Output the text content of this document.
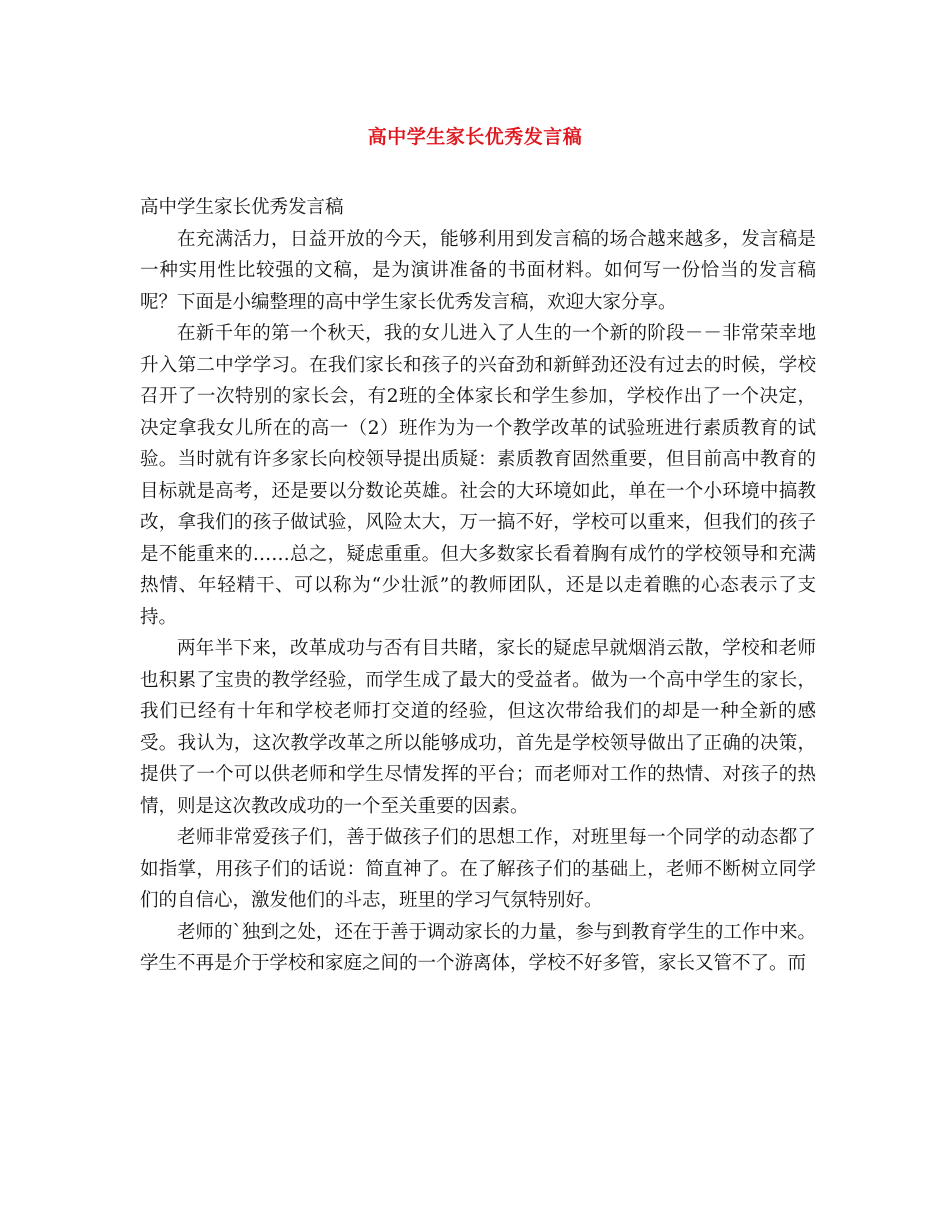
高中学生家长优秀发言稿

高中学生家长优秀发言稿

在充满活力，日益开放的今天，能够利用到发言稿的场合越来越多，发言稿是一种实用性比较强的文稿，是为演讲准备的书面材料。如何写一份恰当的发言稿呢？下面是小编整理的高中学生家长优秀发言稿，欢迎大家分享。

在新千年的第一个秋天，我的女儿进入了人生的一个新的阶段－－非常荣幸地升入第二中学学习。在我们家长和孩子的兴奋劲和新鲜劲还没有过去的时候，学校召开了一次特别的家长会，有2班的全体家长和学生参加，学校作出了一个决定，决定拿我女儿所在的高一（2）班作为为一个教学改革的试验班进行素质教育的试验。当时就有许多家长向校领导提出质疑：素质教育固然重要，但目前高中教育的目标就是高考，还是要以分数论英雄。社会的大环境如此，单在一个小环境中搞教改，拿我们的孩子做试验，风险太大，万一搞不好，学校可以重来，但我们的孩子是不能重来的……总之，疑虑重重。但大多数家长看着胸有成竹的学校领导和充满热情、年轻精干、可以称为“少壮派”的教师团队，还是以走着瞧的心态表示了支持。

两年半下来，改革成功与否有目共睹，家长的疑虑早就烟消云散，学校和老师也积累了宝贵的教学经验，而学生成了最大的受益者。做为一个高中学生的家长，我们已经有十年和学校老师打交道的经验，但这次带给我们的却是一种全新的感受。我认为，这次教学改革之所以能够成功，首先是学校领导做出了正确的决策，提供了一个可以供老师和学生尽情发挥的平台；而老师对工作的热情、对孩子的热情，则是这次教改成功的一个至关重要的因素。

老师非常爱孩子们，善于做孩子们的思想工作，对班里每一个同学的动态都了如指掌，用孩子们的话说：简直神了。在了解孩子们的基础上，老师不断树立同学们的自信心，激发他们的斗志，班里的学习气氛特别好。

老师的`独到之处，还在于善于调动家长的力量，参与到教育学生的工作中来。学生不再是介于学校和家庭之间的一个游离体，学校不好多管，家长又管不了。而
